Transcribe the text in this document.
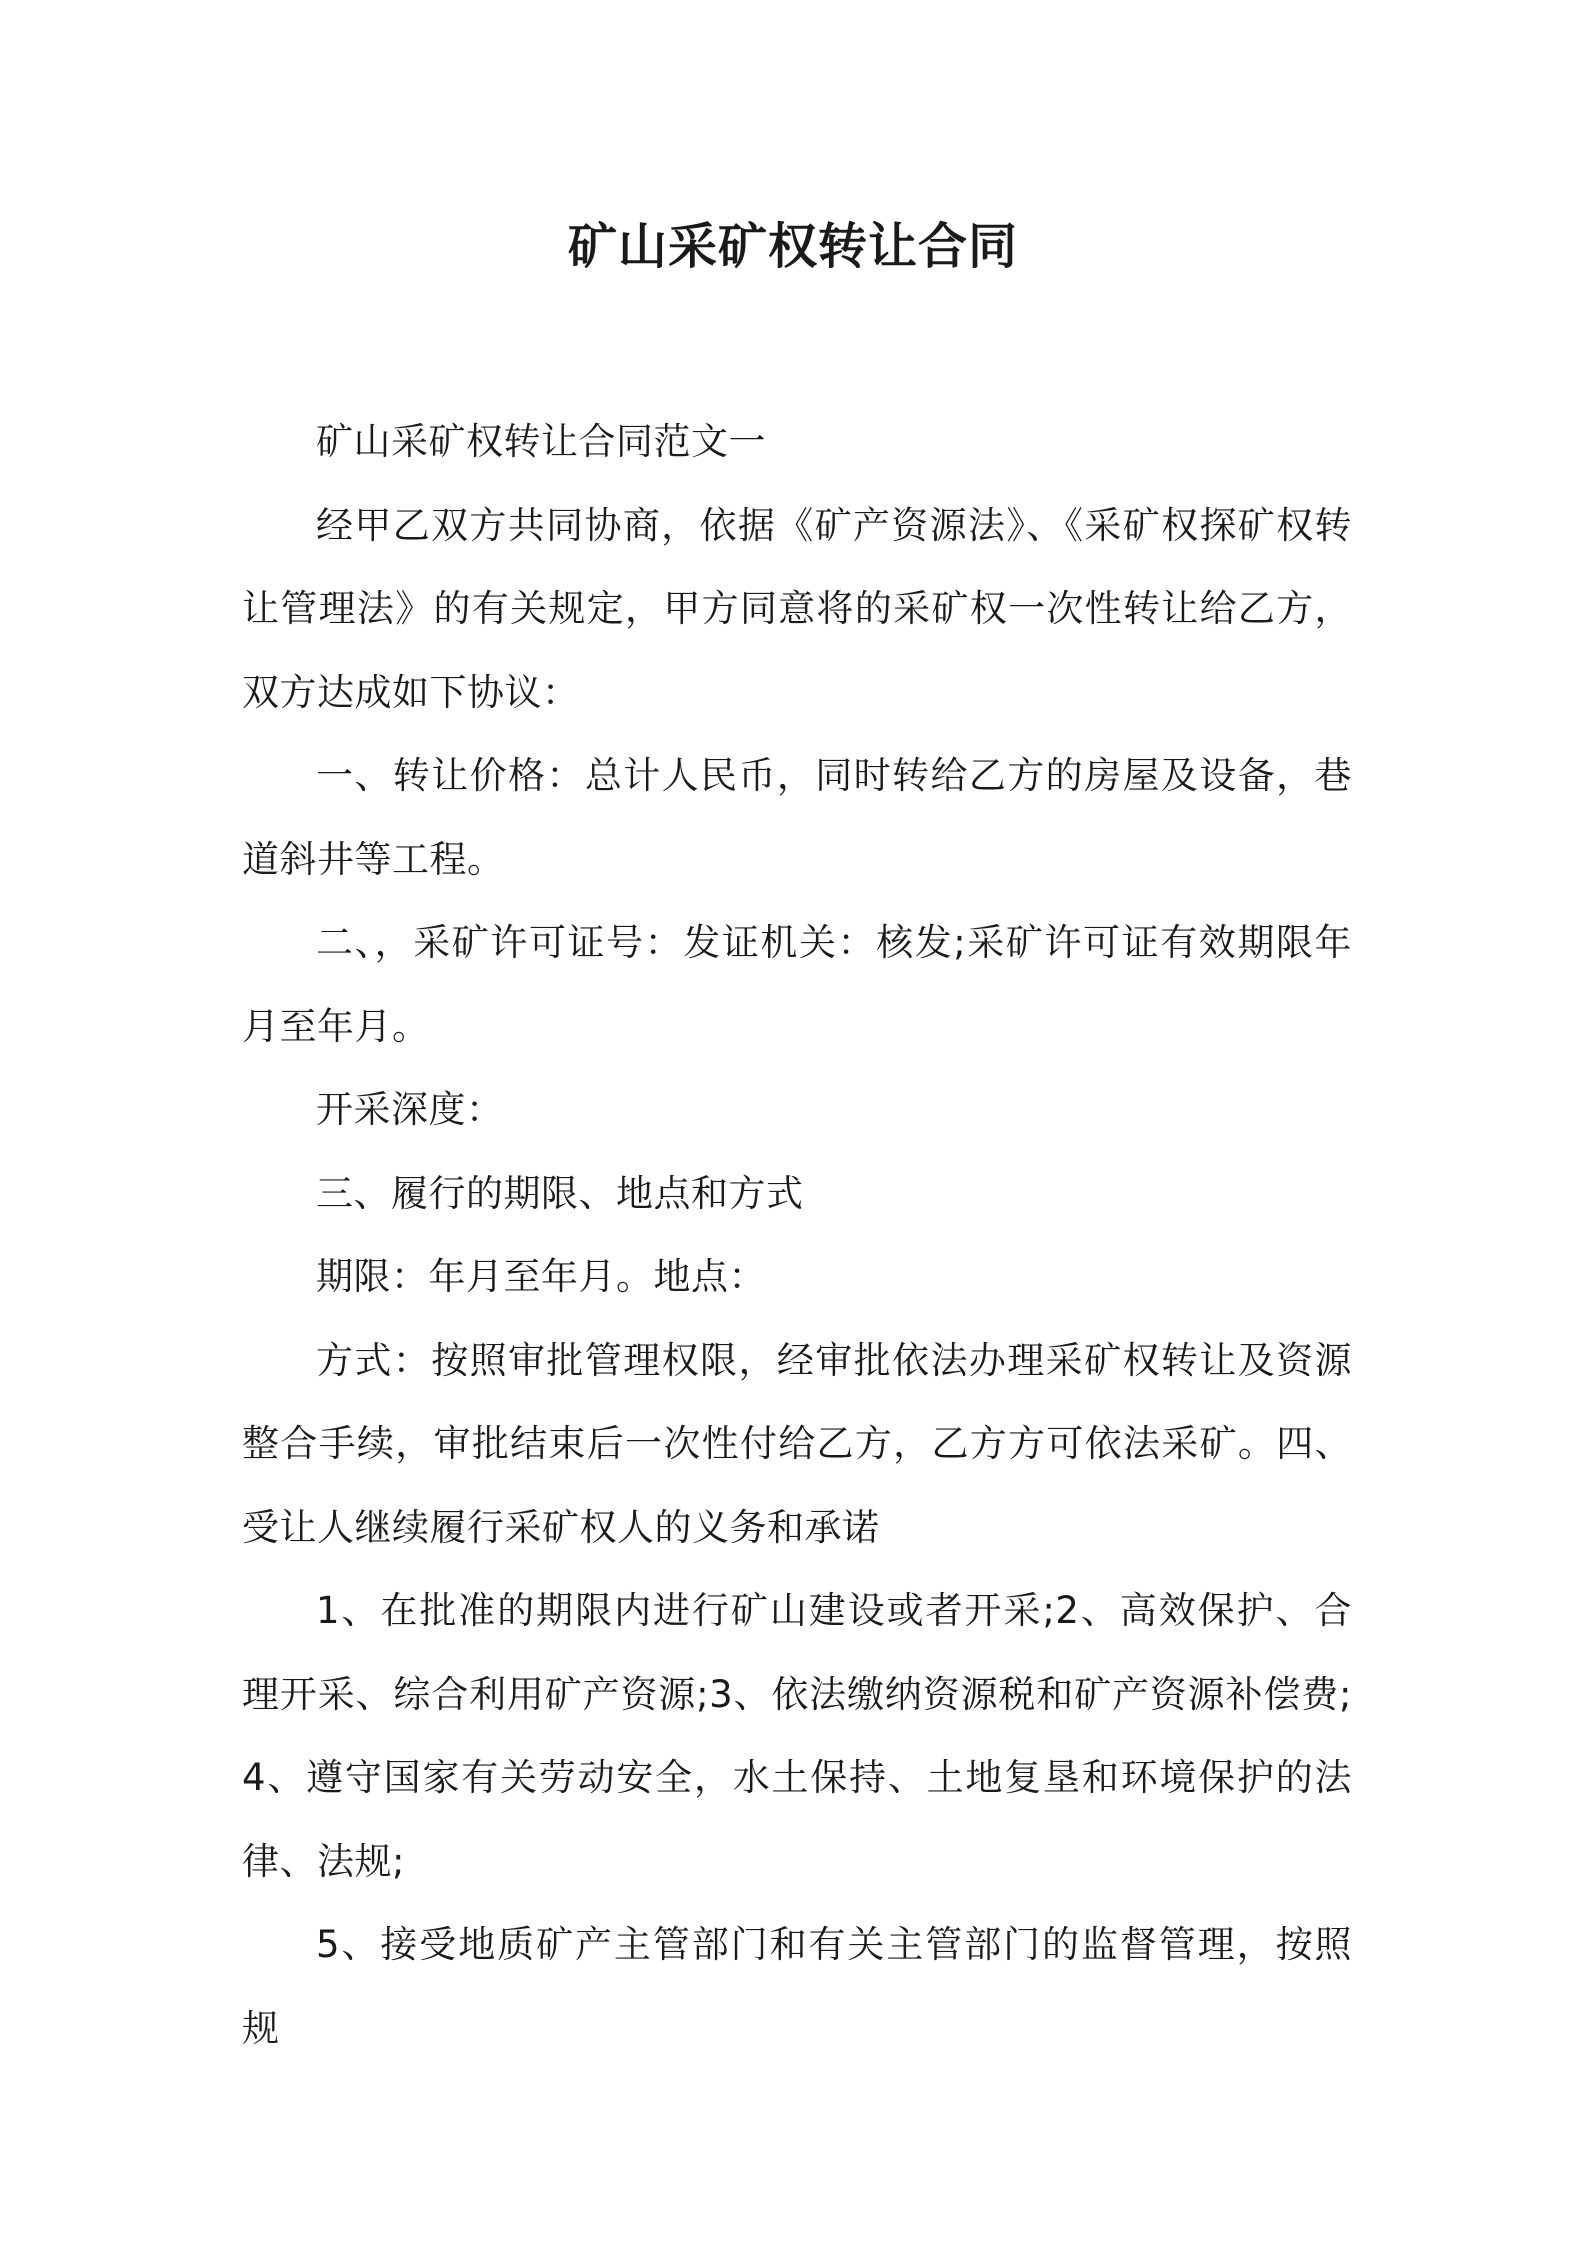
矿山采矿权转让合同

矿山采矿权转让合同范文一

经甲乙双方共同协商，依据《矿产资源法》、《采矿权探矿权转让管理法》的有关规定，甲方同意将的采矿权一次性转让给乙方，双方达成如下协议：

一、转让价格：总计人民币，同时转给乙方的房屋及设备，巷道斜井等工程。

二、，采矿许可证号：发证机关：核发;采矿许可证有效期限年月至年月。

开采深度：

三、履行的期限、地点和方式

期限：年月至年月。地点：

方式：按照审批管理权限，经审批依法办理采矿权转让及资源整合手续，审批结束后一次性付给乙方，乙方方可依法采矿。四、受让人继续履行采矿权人的义务和承诺

1、在批准的期限内进行矿山建设或者开采;2、高效保护、合理开采、综合利用矿产资源;3、依法缴纳资源税和矿产资源补偿费;4、遵守国家有关劳动安全，水土保持、土地复垦和环境保护的法律、法规;

5、接受地质矿产主管部门和有关主管部门的监督管理，按照规
